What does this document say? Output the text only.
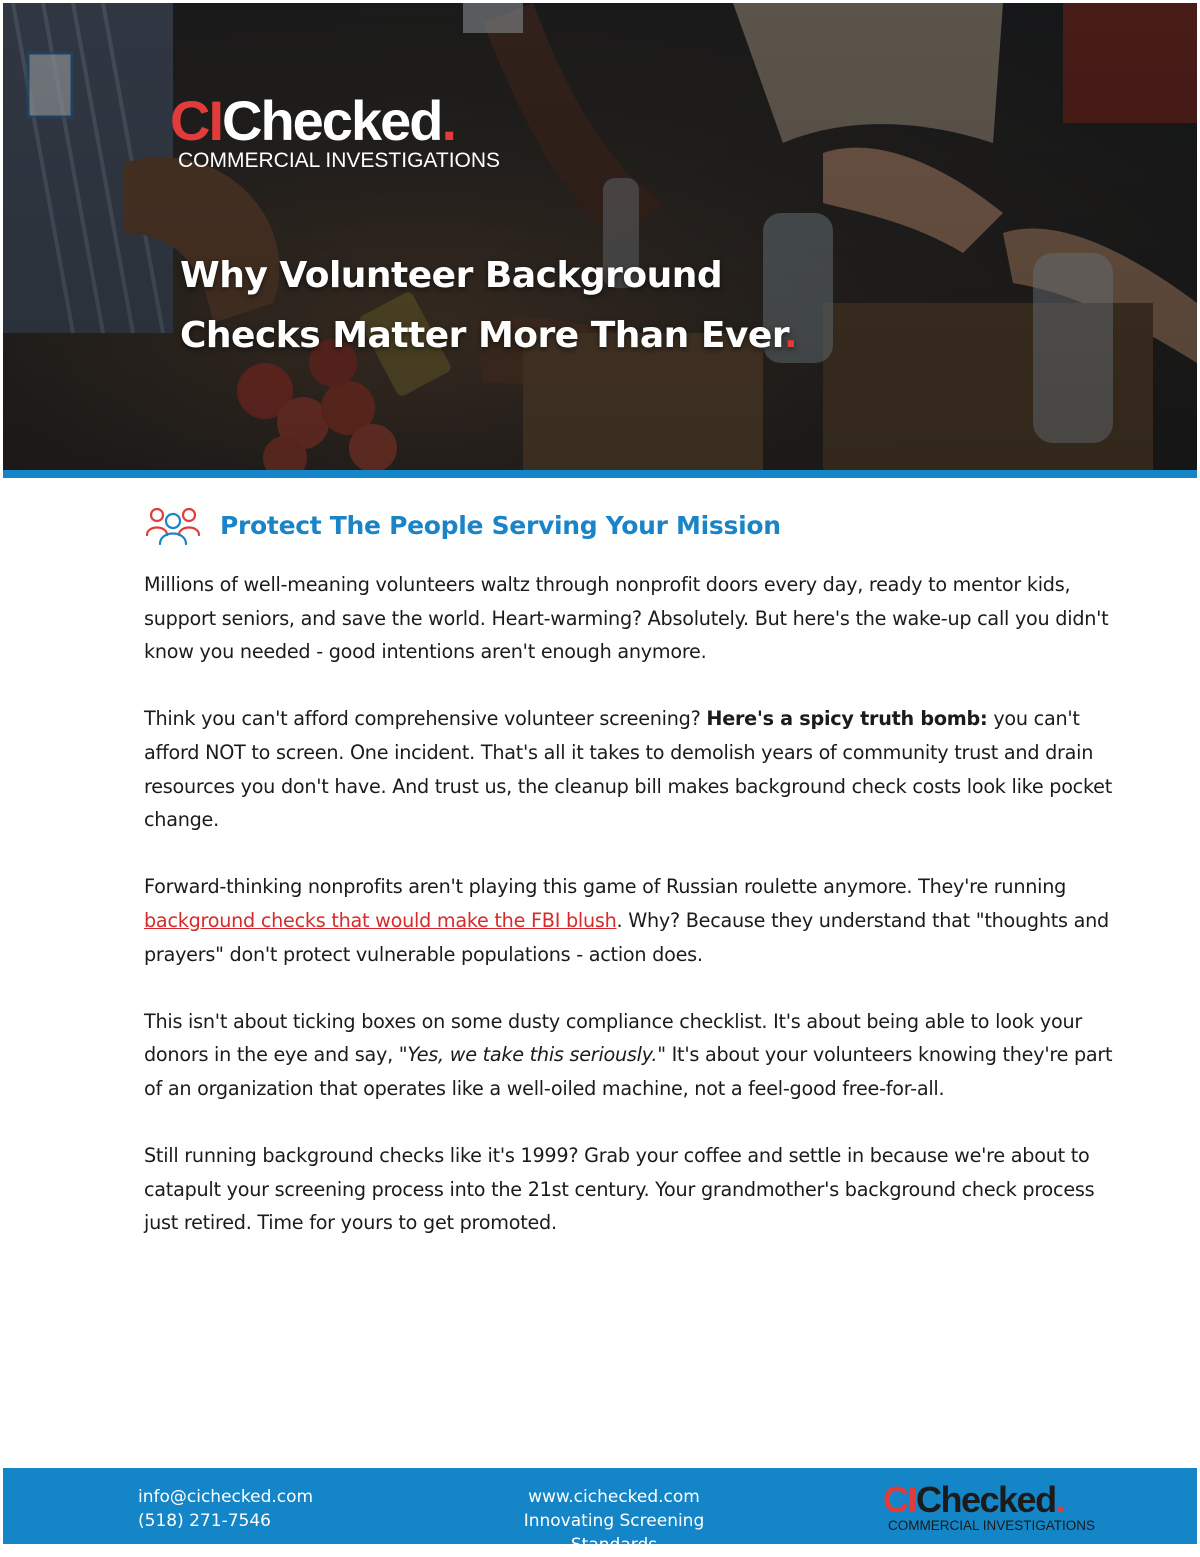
CIChecked.
COMMERCIAL INVESTIGATIONS
Why Volunteer Background
Checks Matter More Than Ever.
Protect The People Serving Your Mission

Millions of well-meaning volunteers waltz through nonprofit doors every day, ready to mentor kids, support seniors, and save the world. Heart-warming? Absolutely. But here's the wake-up call you didn't know you needed - good intentions aren't enough anymore.

Think you can't afford comprehensive volunteer screening? Here's a spicy truth bomb: you can't afford NOT to screen. One incident. That's all it takes to demolish years of community trust and drain resources you don't have. And trust us, the cleanup bill makes background check costs look like pocket change.

Forward-thinking nonprofits aren't playing this game of Russian roulette anymore. They're running background checks that would make the FBI blush. Why? Because they understand that "thoughts and prayers" don't protect vulnerable populations - action does.

This isn't about ticking boxes on some dusty compliance checklist. It's about being able to look your donors in the eye and say, "Yes, we take this seriously." It's about your volunteers knowing they're part of an organization that operates like a well-oiled machine, not a feel-good free-for-all.

Still running background checks like it's 1999? Grab your coffee and settle in because we're about to catapult your screening process into the 21st century. Your grandmother's background check process just retired. Time for yours to get promoted.

info@cichecked.com
(518) 271-7546
www.cichecked.com
Innovating Screening Standards
CIChecked.
COMMERCIAL INVESTIGATIONS
